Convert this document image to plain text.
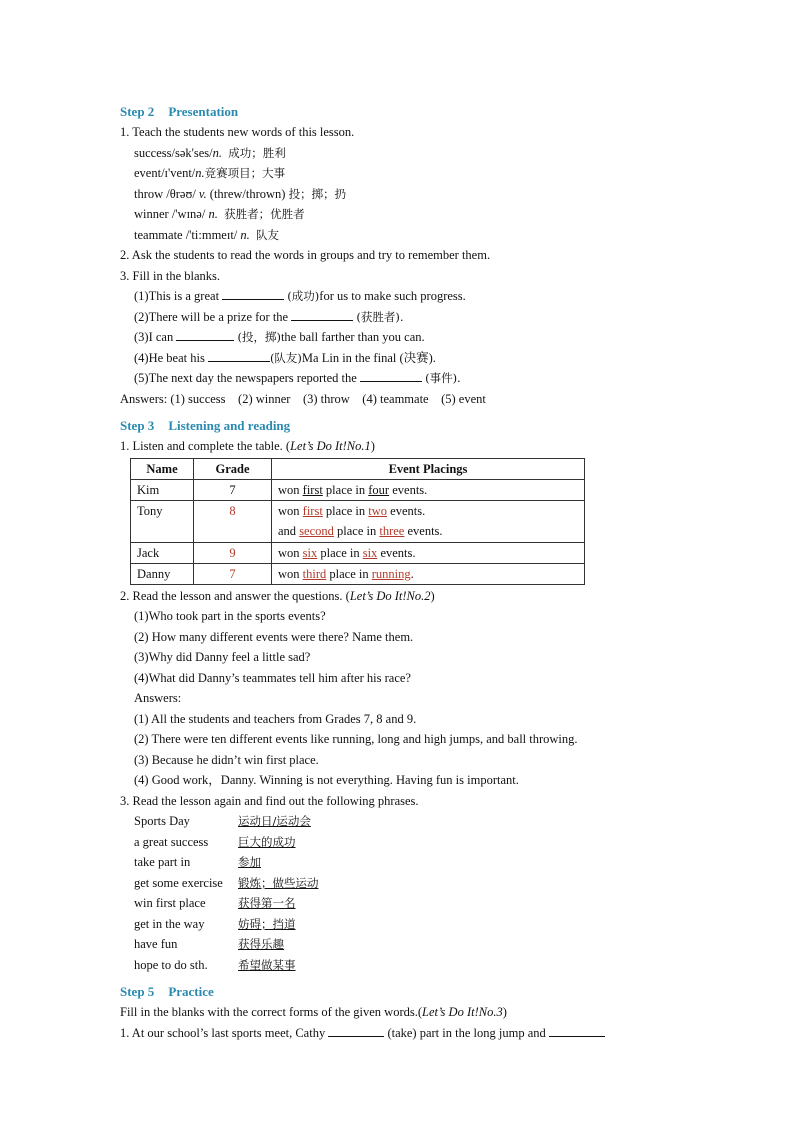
Step 2 Presentation
1. Teach the students new words of this lesson.
success/sək'ses/n. 成功；胜利
event/ɪ'vent/n.竞赛项目；大事
throw /θrəʊ/ v. (threw/thrown) 投；掷；扔
winner /'wɪnə/ n. 获胜者；优胜者
teammate /'ti:mmeɪt/ n. 队友
2. Ask the students to read the words in groups and try to remember them.
3. Fill in the blanks.
(1)This is a great	(成功)for us to make such progress.
(2)There will be a prize for the	(获胜者).
(3)I can	(投，掷)the ball farther than you can.
(4)He beat his	(队友)Ma Lin in the final (决赛).
(5)The next day the newspapers reported the	(事件).
Answers: (1) success　(2) winner　(3) throw　(4) teammate　(5) event
Step 3 Listening and reading
1. Listen and complete the table. (Let’s Do It!No.1)
Name	Grade	Event Placings
Kim	7	won first place in four events.
Tony	8	won first place in two events.
and second place in three events.

Jack	9	won six place in six events.
Danny	7	won third place in running.
2. Read the lesson and answer the questions. (Let’s Do It!No.2)
(1)Who took part in the sports events?
(2) How many different events were there? Name them.
(3)Why did Danny feel a little sad?
(4)What did Danny’s teammates tell him after his race?
Answers:
(1) All the students and teachers from Grades 7, 8 and 9.
(2) There were ten different events like running, long and high jumps, and ball throwing.
(3) Because he didn’t win first place.
(4) Good work，Danny. Winning is not everything. Having fun is important.
3. Read the lesson again and find out the following phrases.
Sports Day	运动日/运动会
a great success	巨大的成功
take part in	参加
get some exercise 锻炼；做些运动
win first place	获得第一名
get in the way	妨碍；挡道
have fun	获得乐趣
hope to do sth.	希望做某事
Step 5 Practice
Fill in the blanks with the correct forms of the given words.(Let’s Do It!No.3)
1. At our school’s last sports meet, Cathy	(take) part in the long jump and
